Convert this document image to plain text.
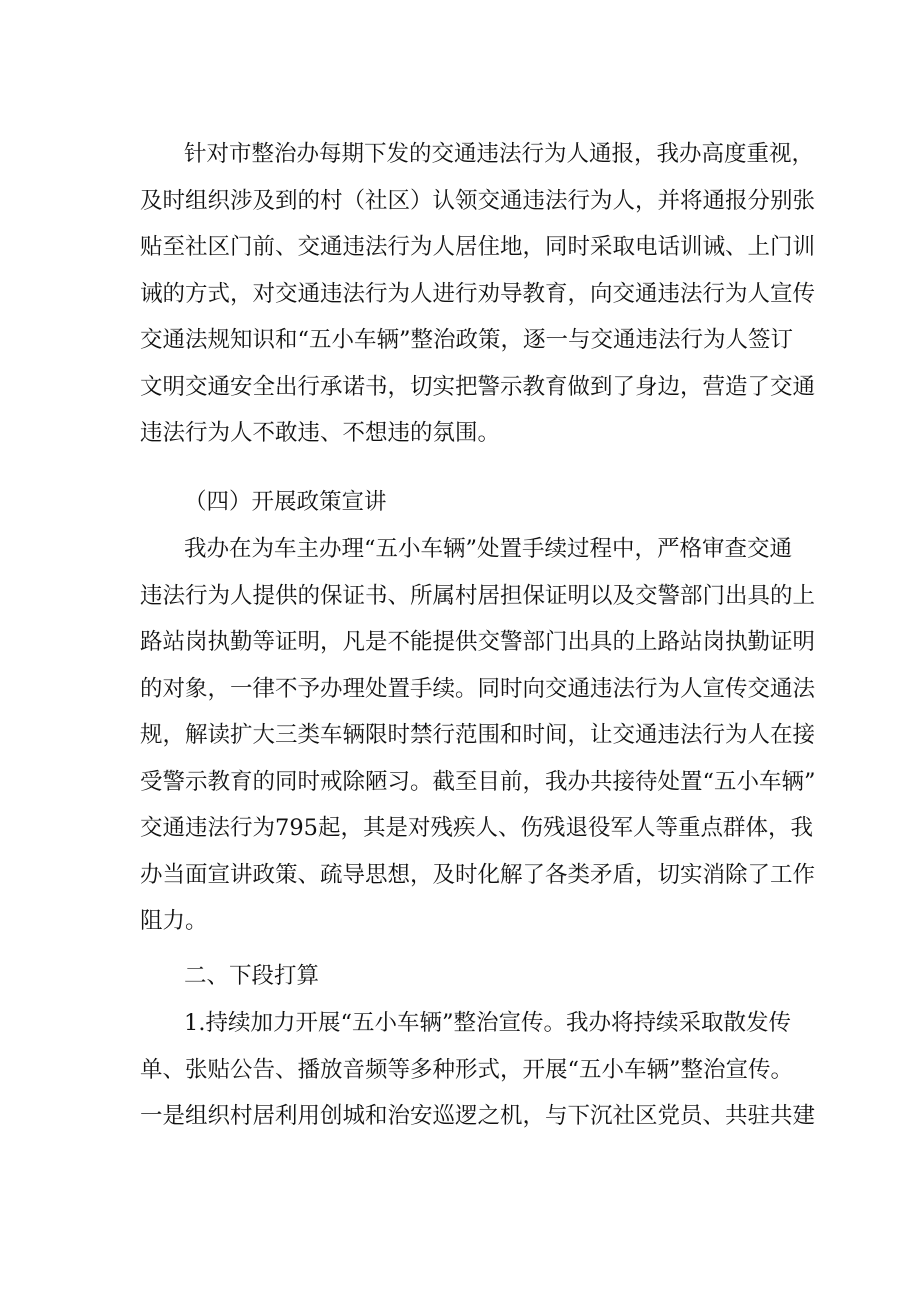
针对市整治办每期下发的交通违法行为人通报，我办高度重视，
及时组织涉及到的村（社区）认领交通违法行为人，并将通报分别张
贴至社区门前、交通违法行为人居住地，同时采取电话训诫、上门训
诫的方式，对交通违法行为人进行劝导教育，向交通违法行为人宣传
交通法规知识和“五小车辆”整治政策，逐一与交通违法行为人签订
文明交通安全出行承诺书，切实把警示教育做到了身边，营造了交通
违法行为人不敢违、不想违的氛围。
（四）开展政策宣讲
我办在为车主办理“五小车辆”处置手续过程中，严格审查交通
违法行为人提供的保证书、所属村居担保证明以及交警部门出具的上
路站岗执勤等证明，凡是不能提供交警部门出具的上路站岗执勤证明
的对象，一律不予办理处置手续。同时向交通违法行为人宣传交通法
规，解读扩大三类车辆限时禁行范围和时间，让交通违法行为人在接
受警示教育的同时戒除陋习。截至目前，我办共接待处置“五小车辆”
交通违法行为795起，其是对残疾人、伤残退役军人等重点群体，我
办当面宣讲政策、疏导思想，及时化解了各类矛盾，切实消除了工作
阻力。
二、下段打算
1.持续加力开展“五小车辆”整治宣传。我办将持续采取散发传
单、张贴公告、播放音频等多种形式，开展“五小车辆”整治宣传。
一是组织村居利用创城和治安巡逻之机，与下沉社区党员、共驻共建
